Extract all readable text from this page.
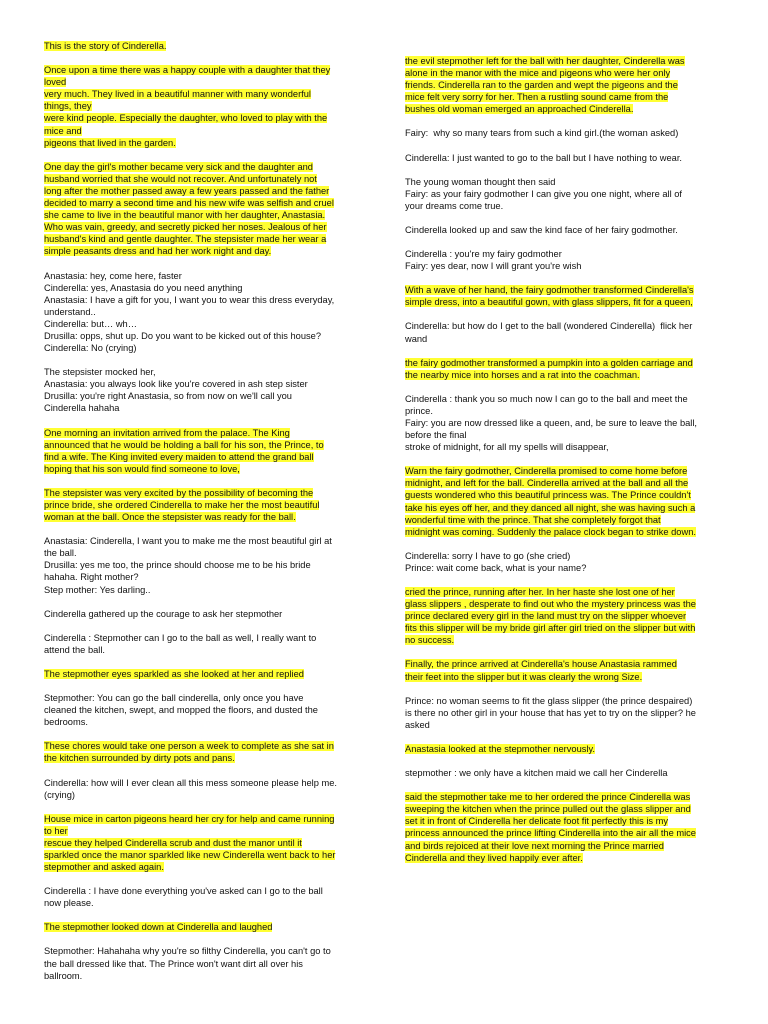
This is the story of Cinderella.
Once upon a time there was a happy couple with a daughter that they
loved
very much. They lived in a beautiful manner with many wonderful
things, they
were kind people. Especially the daughter, who loved to play with the
mice and
pigeons that lived in the garden.
One day the girl's mother became very sick and the daughter and
husband worried that she would not recover. And unfortunately not
long after the mother passed away a few years passed and the father
decided to marry a second time and his new wife was selfish and cruel
she came to live in the beautiful manor with her daughter, Anastasia.
Who was vain, greedy, and secretly picked her noses. Jealous of her
husband's kind and gentle daughter. The stepsister made her wear a
simple peasants dress and had her work night and day.
Anastasia: hey, come here, faster
Cinderella: yes, Anastasia do you need anything
Anastasia: I have a gift for you, I want you to wear this dress everyday,
understand..
Cinderella: but… wh…
Drusilla: opps, shut up. Do you want to be kicked out of this house?
Cinderella: No (crying)
The stepsister mocked her,
Anastasia: you always look like you're covered in ash step sister
Drusilla: you're right Anastasia, so from now on we'll call you
Cinderella hahaha
One morning an invitation arrived from the palace. The King
announced that he would be holding a ball for his son, the Prince, to
find a wife. The King invited every maiden to attend the grand ball
hoping that his son would find someone to love,
The stepsister was very excited by the possibility of becoming the
prince bride, she ordered Cinderella to make her the most beautiful
woman at the ball. Once the stepsister was ready for the ball.
Anastasia: Cinderella, I want you to make me the most beautiful girl at
the ball.
Drusilla: yes me too, the prince should choose me to be his bride
hahaha. Right mother?
Step mother: Yes darling..
Cinderella gathered up the courage to ask her stepmother
Cinderella : Stepmother can I go to the ball as well, I really want to
attend the ball.
The stepmother eyes sparkled as she looked at her and replied
Stepmother: You can go the ball cinderella, only once you have
cleaned the kitchen, swept, and mopped the floors, and dusted the
bedrooms.
These chores would take one person a week to complete as she sat in
the kitchen surrounded by dirty pots and pans.
Cinderella: how will I ever clean all this mess someone please help me.
(crying)
House mice in carton pigeons heard her cry for help and came running
to her
rescue they helped Cinderella scrub and dust the manor until it
sparkled once the manor sparkled like new Cinderella went back to her
stepmother and asked again.
Cinderella : I have done everything you've asked can I go to the ball
now please.
The stepmother looked down at Cinderella and laughed
Stepmother: Hahahaha why you're so filthy Cinderella, you can't go to
the ball dressed like that. The Prince won't want dirt all over his
ballroom.
the evil stepmother left for the ball with her daughter, Cinderella was
alone in the manor with the mice and pigeons who were her only
friends. Cinderella ran to the garden and wept the pigeons and the
mice felt very sorry for her. Then a rustling sound came from the
bushes old woman emerged an approached Cinderella.
Fairy:  why so many tears from such a kind girl.(the woman asked)
Cinderella: I just wanted to go to the ball but I have nothing to wear.
The young woman thought then said
Fairy: as your fairy godmother I can give you one night, where all of
your dreams come true.
Cinderella looked up and saw the kind face of her fairy godmother.
Cinderella : you're my fairy godmother
Fairy: yes dear, now I will grant you're wish
With a wave of her hand, the fairy godmother transformed Cinderella's
simple dress, into a beautiful gown, with glass slippers, fit for a queen,
Cinderella: but how do I get to the ball (wondered Cinderella)  flick her
wand
the fairy godmother transformed a pumpkin into a golden carriage and
the nearby mice into horses and a rat into the coachman.
Cinderella : thank you so much now I can go to the ball and meet the
prince.
Fairy: you are now dressed like a queen, and, be sure to leave the ball,
before the final
stroke of midnight, for all my spells will disappear,
Warn the fairy godmother, Cinderella promised to come home before
midnight, and left for the ball. Cinderella arrived at the ball and all the
guests wondered who this beautiful princess was. The Prince couldn't
take his eyes off her, and they danced all night, she was having such a
wonderful time with the prince. That she completely forgot that
midnight was coming. Suddenly the palace clock began to strike down.
Cinderella: sorry I have to go (she cried)
Prince: wait come back, what is your name?
cried the prince, running after her. In her haste she lost one of her
glass slippers , desperate to find out who the mystery princess was the
prince declared every girl in the land must try on the slipper whoever
fits this slipper will be my bride girl after girl tried on the slipper but with
no success.
Finally, the prince arrived at Cinderella's house Anastasia rammed
their feet into the slipper but it was clearly the wrong Size.
Prince: no woman seems to fit the glass slipper (the prince despaired)
is there no other girl in your house that has yet to try on the slipper? he
asked
Anastasia looked at the stepmother nervously.
stepmother : we only have a kitchen maid we call her Cinderella
said the stepmother take me to her ordered the prince Cinderella was
sweeping the kitchen when the prince pulled out the glass slipper and
set it in front of Cinderella her delicate foot fit perfectly this is my
princess announced the prince lifting Cinderella into the air all the mice
and birds rejoiced at their love next morning the Prince married
Cinderella and they lived happily ever after.
